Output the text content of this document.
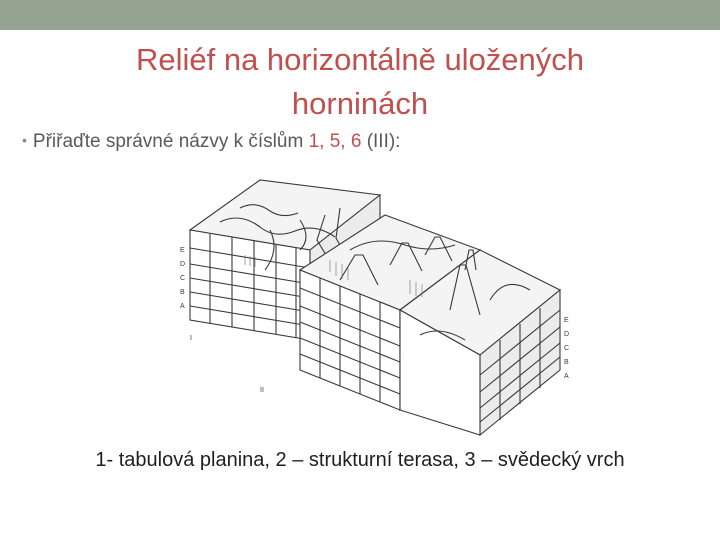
Reliéf na horizontálně uložených
horninách
• Přiřaďte správné názvy k číslům 1, 5, 6 (III):
E
D
C
B
A
E
D
C
B
A
I
II
1- tabulová planina, 2 – strukturní terasa, 3 – svědecký vrch
